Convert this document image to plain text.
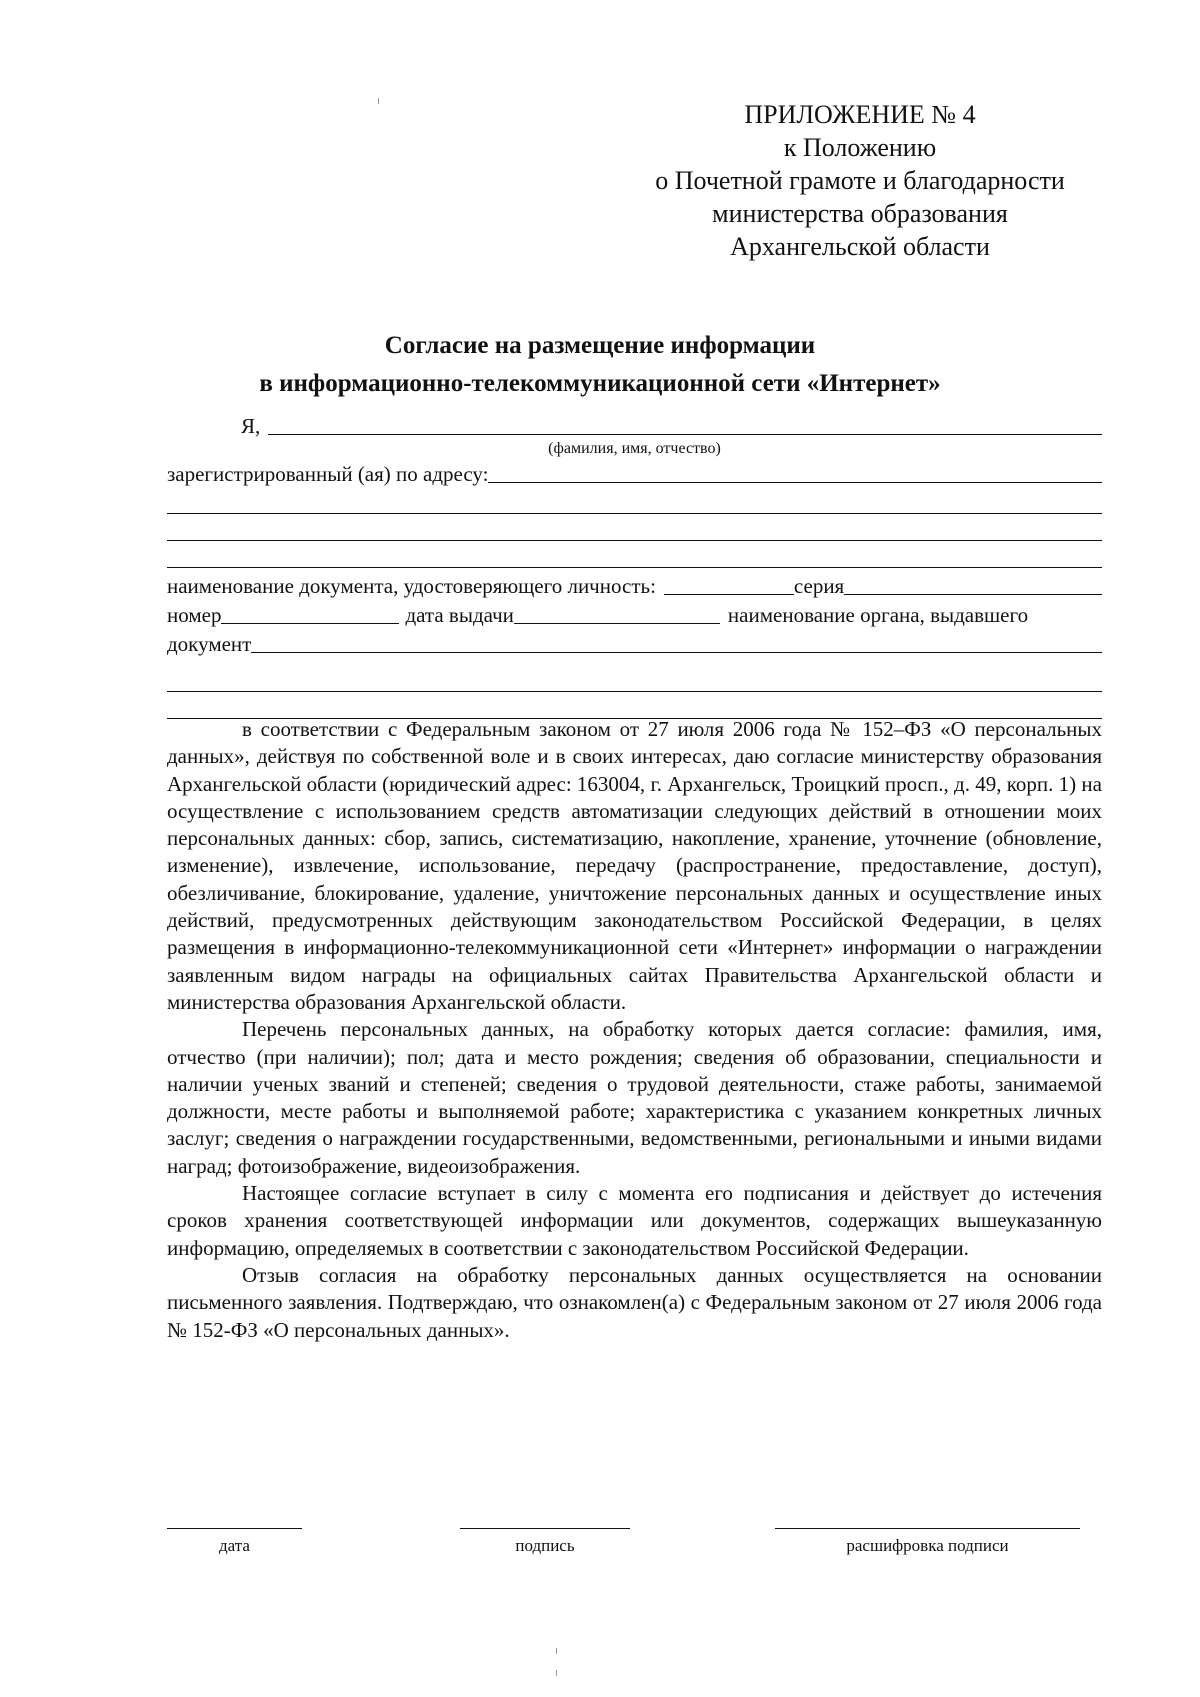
ПРИЛОЖЕНИЕ № 4
к Положению
о Почетной грамоте и благодарности
министерства образования
Архангельской области
Согласие на размещение информации
в информационно-телекоммуникационной сети «Интернет»
Я,
(фамилия, имя, отчество)
зарегистрированный (ая) по адресу:
наименование документа, удостоверяющего личность:	серия
номер	дата выдачи	наименование органа, выдавшего
документ

в соответствии с Федеральным законом от 27 июля 2006 года № 152–ФЗ «О персональных данных», действуя по собственной воле и в своих интересах, даю согласие министерству образования Архангельской области (юридический адрес: 163004, г. Архангельск, Троицкий просп., д. 49, корп. 1) на осуществление с использованием средств автоматизации следующих действий в отношении моих персональных данных: сбор, запись, систематизацию, накопление, хранение, уточнение (обновление, изменение), извлечение, использование, передачу (распространение, предоставление, доступ), обезличивание, блокирование, удаление, уничтожение персональных данных и осуществление иных действий, предусмотренных действующим законодательством Российской Федерации, в целях размещения в информационно-телекоммуникационной сети «Интернет» информации о награждении заявленным видом награды на официальных сайтах Правительства Архангельской области и министерства образования Архангельской области.

Перечень персональных данных, на обработку которых дается согласие: фамилия, имя, отчество (при наличии); пол; дата и место рождения; сведения об образовании, специальности и наличии ученых званий и степеней; сведения о трудовой деятельности, стаже работы, занимаемой должности, месте работы и выполняемой работе; характеристика с указанием конкретных личных заслуг; сведения о награждении государственными, ведомственными, региональными и иными видами наград; фотоизображение, видеоизображения.

Настоящее согласие вступает в силу с момента его подписания и действует до истечения сроков хранения соответствующей информации или документов, содержащих вышеуказанную информацию, определяемых в соответствии с законодательством Российской Федерации.

Отзыв согласия на обработку персональных данных осуществляется на основании письменного заявления. Подтверждаю, что ознакомлен(а) с Федеральным законом от 27 июля 2006 года № 152-ФЗ «О персональных данных».

дата	подпись	расшифровка подписи
